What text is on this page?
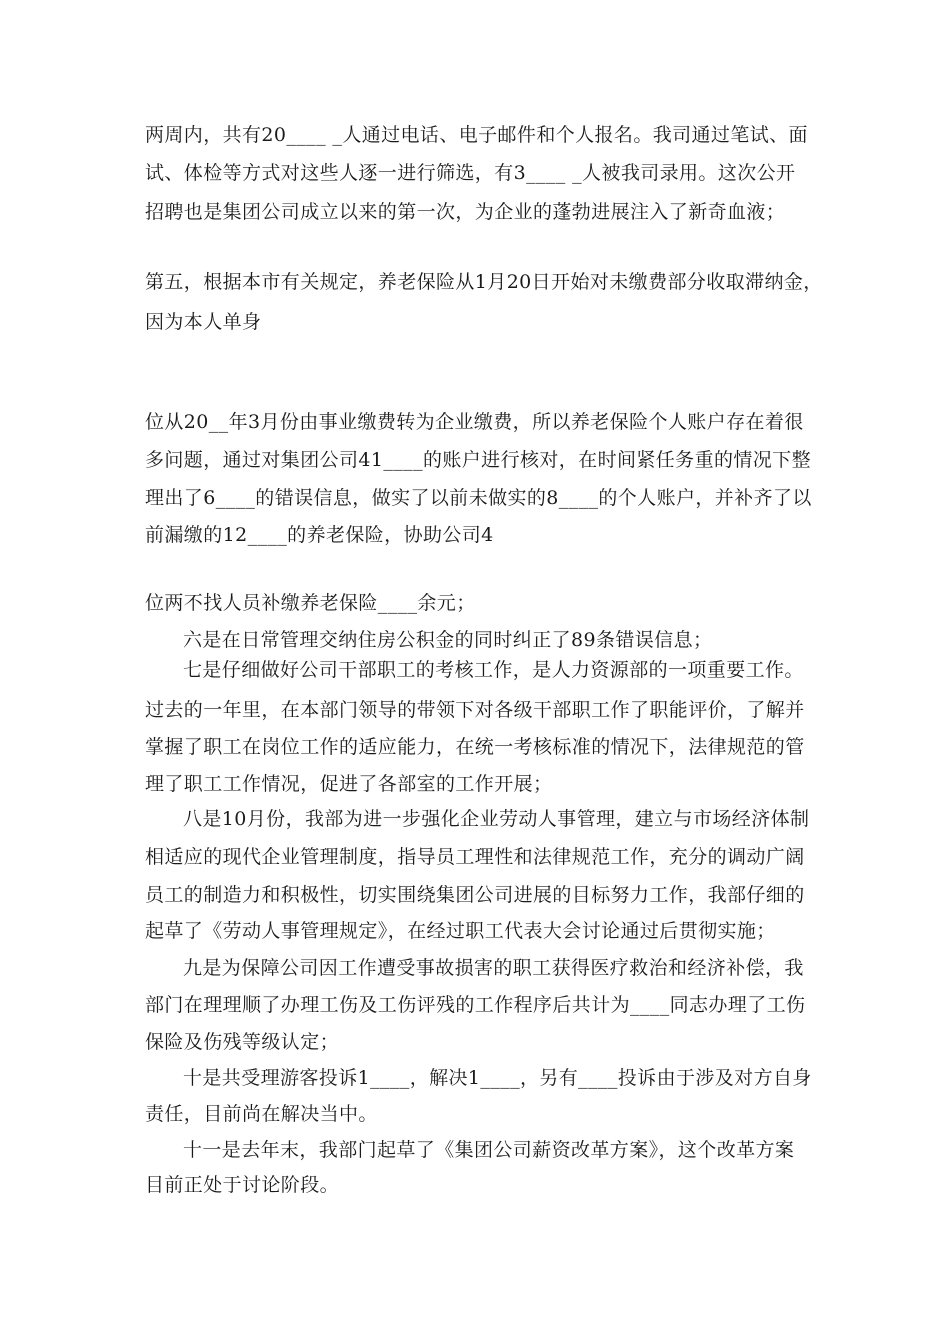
两周内，共有20____ _人通过电话、电子邮件和个人报名。我司通过笔试、面
试、体检等方式对这些人逐一进行筛选，有3____ _人被我司录用。这次公开
招聘也是集团公司成立以来的第一次，为企业的蓬勃进展注入了新奇血液；
第五，根据本市有关规定，养老保险从1月20日开始对未缴费部分收取滞纳金，
因为本人单身
位从20__年3月份由事业缴费转为企业缴费，所以养老保险个人账户存在着很
多问题，通过对集团公司41____的账户进行核对，在时间紧任务重的情况下整
理出了6____的错误信息，做实了以前未做实的8____的个人账户，并补齐了以
前漏缴的12____的养老保险，协助公司4
位两不找人员补缴养老保险____余元；
六是在日常管理交纳住房公积金的同时纠正了89条错误信息；
七是仔细做好公司干部职工的考核工作，是人力资源部的一项重要工作。
过去的一年里，在本部门领导的带领下对各级干部职工作了职能评价，了解并
掌握了职工在岗位工作的适应能力，在统一考核标准的情况下，法律规范的管
理了职工工作情况，促进了各部室的工作开展；
八是10月份，我部为进一步强化企业劳动人事管理，建立与市场经济体制
相适应的现代企业管理制度，指导员工理性和法律规范工作，充分的调动广阔
员工的制造力和积极性，切实围绕集团公司进展的目标努力工作，我部仔细的
起草了《劳动人事管理规定》，在经过职工代表大会讨论通过后贯彻实施；
九是为保障公司因工作遭受事故损害的职工获得医疗救治和经济补偿，我
部门在理理顺了办理工伤及工伤评残的工作程序后共计为____同志办理了工伤
保险及伤残等级认定；
十是共受理游客投诉1____，解决1____，另有____投诉由于涉及对方自身
责任，目前尚在解决当中。
十一是去年末，我部门起草了《集团公司薪资改革方案》，这个改革方案
目前正处于讨论阶段。
